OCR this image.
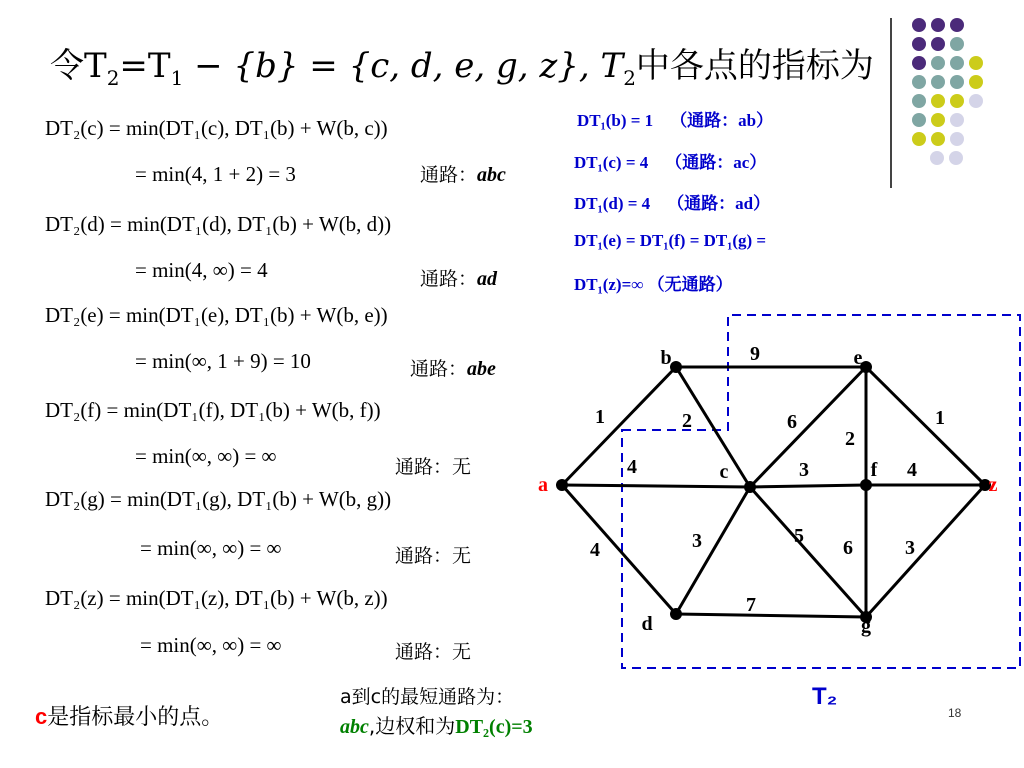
令$T_2=T_1 - \{b\} = \{c$, d, e, g, z}, $T_2$中各点的指标为
DT₂(c) = min(DT₁(c), DT₁(b) + W(b, c))
= min(4, 1 + 2) = 3	通路：abc
DT₂(d) = min(DT₁(d), DT₁(b) + W(b, d))
= min(4, ∞) = 4	通路：ad
DT₂(e) = min(DT₁(e), DT₁(b) + W(b, e))
= min(∞, 1 + 9) = 10	通路：abe
DT₂(f) = min(DT₁(f), DT₁(b) + W(b, f))
= min(∞, ∞) = ∞	通路：无
DT₂(g) = min(DT₁(g), DT₁(b) + W(b, g))
= min(∞, ∞) = ∞	通路：无
DT₂(z) = min(DT₁(z), DT₁(b) + W(b, z))
= min(∞, ∞) = ∞	通路：无
DT₁(b) = 1 （通路：ab）
DT₁(c) = 4 （通路：ac）
DT₁(d) = 4 （通路：ad）
DT₁(e) = DT₁(f) = DT₁(g) =
DT₁(z)=∞ （无通路）
1
4
4
9
2	6
3
3	5
2
1
4
6
7
3
a
b
c
d
e
f
g
z
T₂
c是指标最小的点。
a到c的最短通路为：
abc,边权和为DT₂(c)=3
18
